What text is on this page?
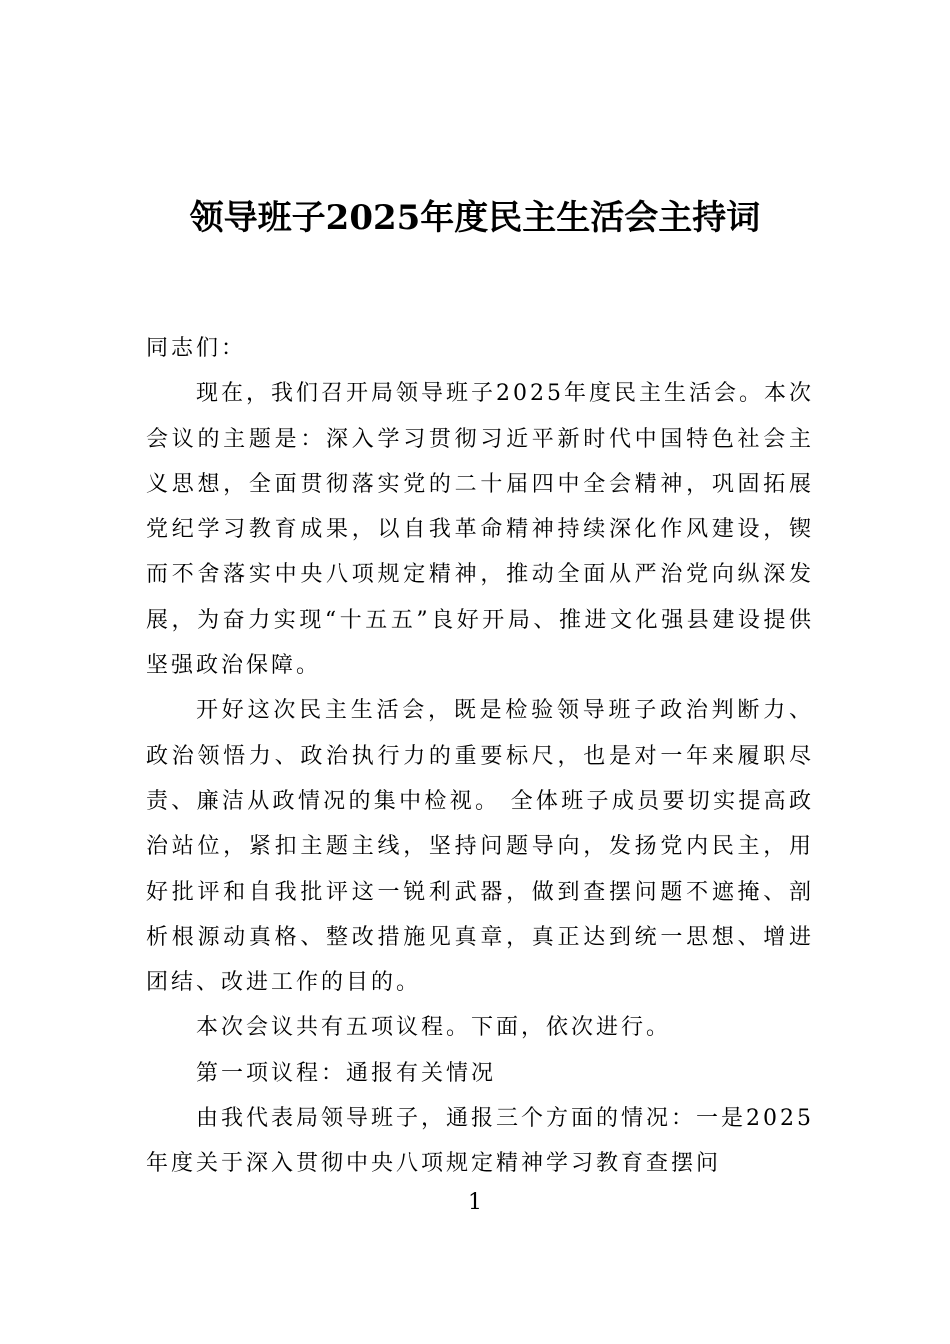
领导班子2025年度民主生活会主持词

同志们：

现在，我们召开局领导班子2025年度民主生活会。本次会议的主题是：深入学习贯彻习近平新时代中国特色社会主义思想，全面贯彻落实党的二十届四中全会精神，巩固拓展党纪学习教育成果，以自我革命精神持续深化作风建设，锲而不舍落实中央八项规定精神，推动全面从严治党向纵深发展，为奋力实现“十五五”良好开局、推进文化强县建设提供坚强政治保障。

开好这次民主生活会，既是检验领导班子政治判断力、政治领悟力、政治执行力的重要标尺，也是对一年来履职尽责、廉洁从政情况的集中检视。 全体班子成员要切实提高政治站位，紧扣主题主线，坚持问题导向，发扬党内民主，用好批评和自我批评这一锐利武器，做到查摆问题不遮掩、剖析根源动真格、整改措施见真章，真正达到统一思想、增进团结、改进工作的目的。

本次会议共有五项议程。下面，依次进行。

第一项议程：通报有关情况

由我代表局领导班子，通报三个方面的情况：一是2025年度关于深入贯彻中央八项规定精神学习教育查摆问

1
